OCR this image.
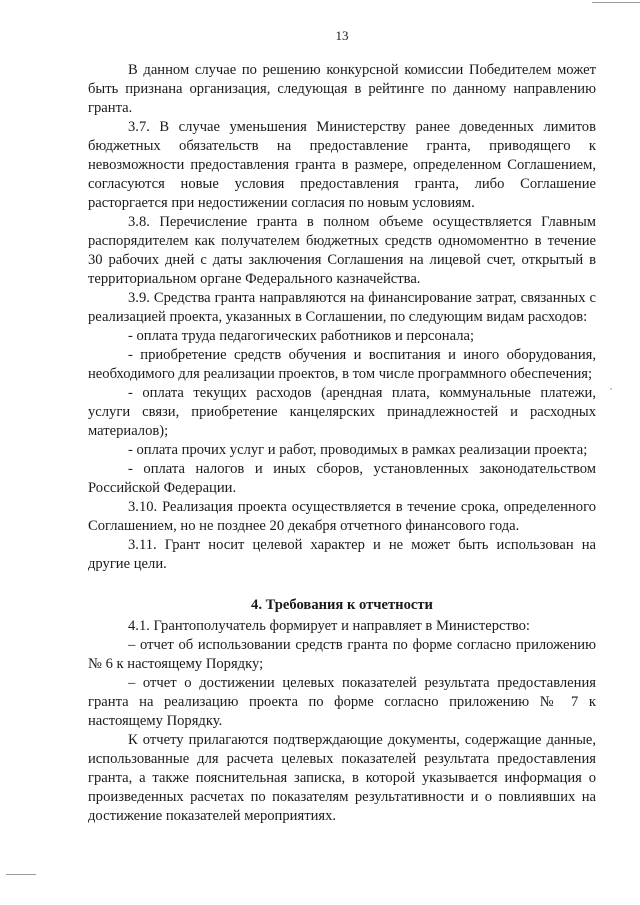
13

В данном случае по решению конкурсной комиссии Победителем может быть признана организация, следующая в рейтинге по данному направлению гранта.

3.7. В случае уменьшения Министерству ранее доведенных лимитов бюджетных обязательств на предоставление гранта, приводящего к невозможности предоставления гранта в размере, определенном Соглашением, согласуются новые условия предоставления гранта, либо Соглашение расторгается при недостижении согласия по новым условиям.

3.8. Перечисление гранта в полном объеме осуществляется Главным распорядителем как получателем бюджетных средств одномоментно в течение 30 рабочих дней с даты заключения Соглашения на лицевой счет, открытый в территориальном органе Федерального казначейства.

3.9. Средства гранта направляются на финансирование затрат, связанных с реализацией проекта, указанных в Соглашении, по следующим видам расходов:

- оплата труда педагогических работников и персонала;

- приобретение средств обучения и воспитания и иного оборудования, необходимого для реализации проектов, в том числе программного обеспечения;

- оплата текущих расходов (арендная плата, коммунальные платежи, услуги связи, приобретение канцелярских принадлежностей и расходных материалов);

- оплата прочих услуг и работ, проводимых в рамках реализации проекта;

- оплата налогов и иных сборов, установленных законодательством Российской Федерации.

3.10. Реализация проекта осуществляется в течение срока, определенного Соглашением, но не позднее 20 декабря отчетного финансового года.

3.11. Грант носит целевой характер и не может быть использован на другие цели.

4. Требования к отчетности

4.1. Грантополучатель формирует и направляет в Министерство:

– отчет об использовании средств гранта по форме согласно приложению № 6 к настоящему Порядку;

– отчет о достижении целевых показателей результата предоставления гранта на реализацию проекта по форме согласно приложению № 7 к настоящему Порядку.

К отчету прилагаются подтверждающие документы, содержащие данные, использованные для расчета целевых показателей результата предоставления гранта, а также пояснительная записка, в которой указывается информация о произведенных расчетах по показателям результативности и о повлиявших на достижение показателей мероприятиях.
